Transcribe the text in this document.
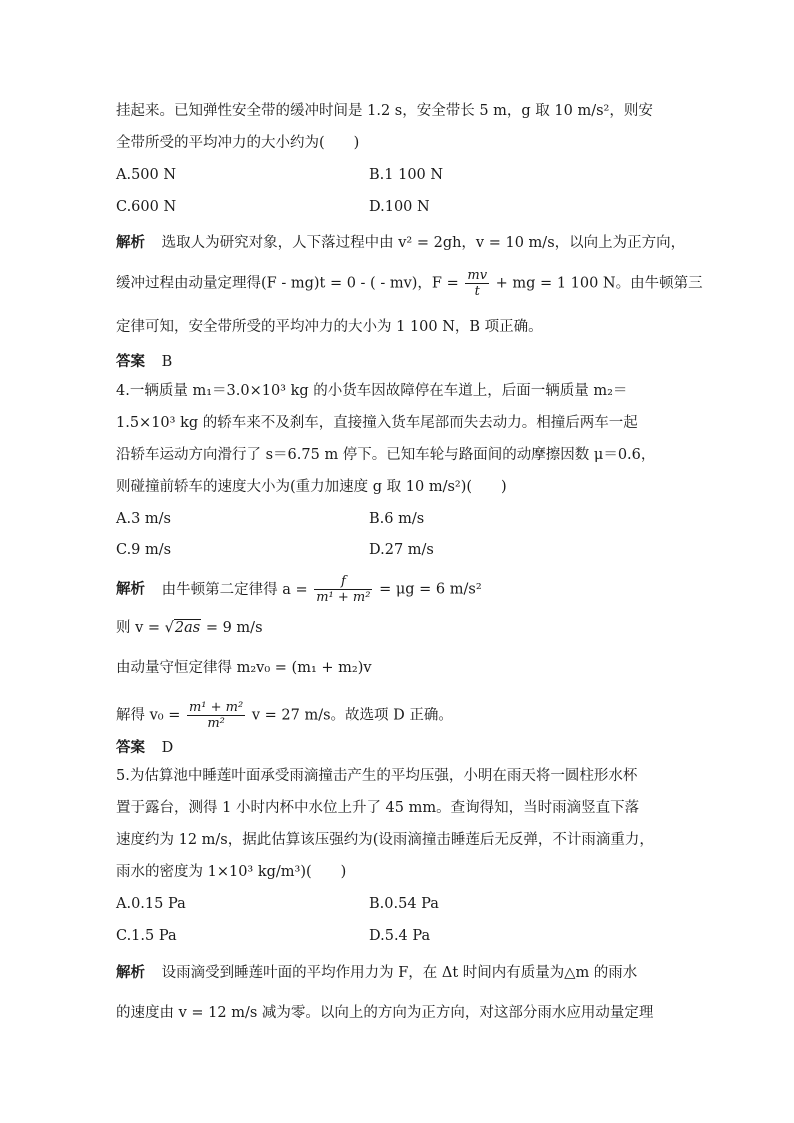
挂起来。已知弹性安全带的缓冲时间是 1.2 s，安全带长 5 m，g 取 10 m/s²，则安
全带所受的平均冲力的大小约为(　　)
A.500 N	B.1 100 N
C.600 N	D.100 N
解析 选取人为研究对象，人下落过程中由 v² = 2gh，v = 10 m/s，以向上为正方向，
缓冲过程由动量定理得(F - mg)t = 0 - ( - mv)，$F = \frac{mv}{t}$ + mg = 1 100 N。由牛顿第三
定律可知，安全带所受的平均冲力的大小为 1 100 N，B 项正确。
答案 B
4.一辆质量 m₁＝3.0×10³ kg 的小货车因故障停在车道上，后面一辆质量 m₂＝
1.5×10³ kg 的轿车来不及刹车，直接撞入货车尾部而失去动力。相撞后两车一起
沿轿车运动方向滑行了 s＝6.75 m 停下。已知车轮与路面间的动摩擦因数 μ＝0.6，
则碰撞前轿车的速度大小为(重力加速度 g 取 10 m/s²)(　　)
A.3 m/s	B.6 m/s
C.9 m/s	D.27 m/s
解析 由牛顿第二定律得 $a = \frac{f}{\text{m¹ + m²}} = \mu g = 6$ m/s²
则 v = √2as = 9 m/s
由动量守恒定律得 m₂v₀ = (m₁ + m₂)v
解得 $v_0 = \frac{\text{m¹ + m²}}{\text{m²}}$ v = 27 m/s。故选项 D 正确。
答案 D
5.为估算池中睡莲叶面承受雨滴撞击产生的平均压强，小明在雨天将一圆柱形水杯
置于露台，测得 1 小时内杯中水位上升了 45 mm。查询得知，当时雨滴竖直下落
速度约为 12 m/s，据此估算该压强约为(设雨滴撞击睡莲后无反弹，不计雨滴重力，
雨水的密度为 1×10³ kg/m³)(　　)
A.0.15 Pa	B.0.54 Pa
C.1.5 Pa	D.5.4 Pa
解析 设雨滴受到睡莲叶面的平均作用力为 F，在 Δt 时间内有质量为△m 的雨水
的速度由 v = 12 m/s 减为零。以向上的方向为正方向，对这部分雨水应用动量定理
